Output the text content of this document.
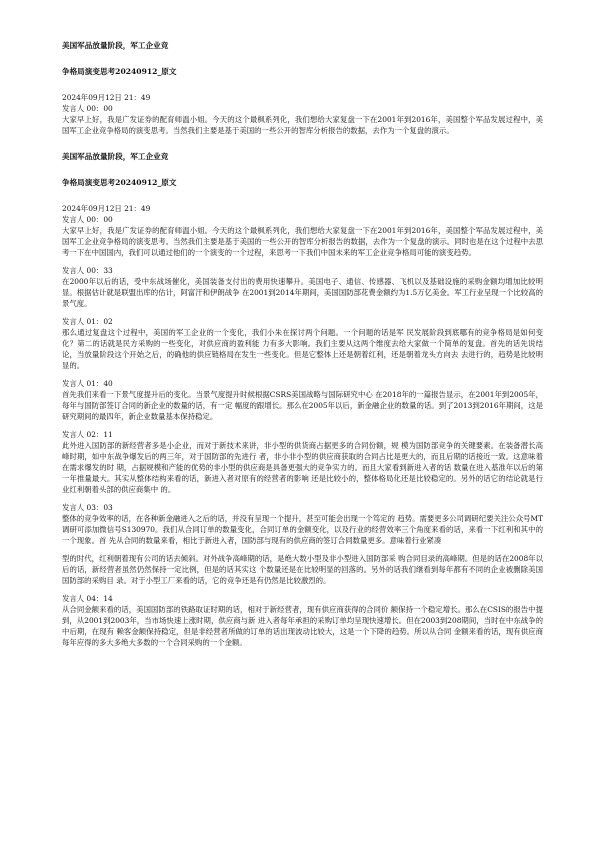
美国军品放量阶段，军工企业竞

争格局演变思考20240912_原文

2024年09月12日 21：49

发言人 00：00

大家早上好，我是广发证券的配育师温小姐。今天的这个最枫系列化，我们想给大家复盘一下在2001年到2016年，美国整个军品发展过程中，美国军工企业竞争格局的演变思考。当然我们主要是基于美国的一些公开的智库分析报告的数据，去作为一个复盘的演示。

美国军品放量阶段，军工企业竞

争格局演变思考20240912_原文

2024年09月12日 21：49

发言人 00：00

大家早上好，我是广发证券的配育师温小姐。今天的这个最枫系列化，我们想给大家复盘一下在2001年到2016年，美国整个军品发展过程中，美国军工企业竞争格局的演变思考。当然我们主要是基于美国的一些公开的智库分析报告的数据，去作为一个复盘的演示。同时也是在这个过程中去思考一下在中国国内，我们可以通过他们的一个演变的一个过程，来思考一下我们中国未来的军工企业竞争格局可能的演变趋势。

发言人 00：33

在2000年以后的话，受中东战场催化，美国装备支付出的费用快速攀升。美国电子、通信、传感器、飞机以及基础设施的采购金额均增加比较明显。根据估计就是联盟出库的估计，阿富汗和伊朗战争 在2001到2014年期间，美国国防部花费金额约为1.5万亿美金。军工行业呈现一个比较高的景气度。

发言人 01：02

那么通过复盘这个过程中，美国的军工企业的一个变化，我们小朱在探讨两个问题。一个问题的话是军 民发展阶段到底哪有的竞争格局是如何变化？第二的话就是民方采购的一些变化，对供应商的盈利能 力有多大影响。我们主要从这两个维度去给大家做一个简单的复盘。首先的话先说结论，当放量阶段这个开始之后，的确他的供应链格局在发生一些变化。但是它整体上还是朝着红利，还是朝着龙头方向去 去进行的，趋势是比较明显的。

发言人 01：40

首先我们来看一下景气度提升后的变化。当景气度提升时候根据CSRS美国战略与国际研究中心 在2018年的一篇报告显示，在2001年到2005年，每年与国防部签订合同的新企业的数量的话，有一定 幅度的跟增长。那么在2005年以后，新金融企业的数量的话。到了2013到2016年期间，这是 研究期间的最四年，新企业数量基本保持稳定。

发言人 02：11

此外进入国防部的新经营者多是小企业，而对于新技术来讲，非小型的供货商占据更多的合同份额，规 模为国防部竞争的关键要素。在装备潜长高峰时期，如中东战争爆发后的两三年，对于国防部的先进行 者，非小非小型的供应商获取的合同占比是更大的，而且后期的话接近一致。这意味着在需求爆发的时 期，占据规模和产能的优势的非小型的供应商是具备更强大的竞争实力的。而且大家看到新进入者的话 数量在进入基准年以后的第一年推量最大。其实从整体结构来看的话，新进入者对原有的经营者的影响 还是比较小的，整体格局化还是比较稳定的。另外的话它的结论就是行业红利朝着头部的供应商集中 的。

发言人 03：03

整体的竞争效率的话，在各种新金融进入之后的话，并没有呈现一个提升，甚至可能会出现一个笃定的 趋势。需要更多公司调研纪要关注公众号MT调研可添加微信号S130970。我们从合同订单的数量变化，合同订单的金额变化，以及行业的经营效率三个角度来看的话，来看一下红利和其中的一个现象。首 先从合同的数量来看，相比于新进入者，国防部与现有的供应商的签订合同数量更多。意味着行业紧凑

型的时代，红利朝着现有公司的话去倾斜。对外战争高峰期的话，是绝大数小型及非小型进入国防部采 购合同目录的高峰期。但是的话在2008年以后的话，新经营者虽然仍然保持一定比例，但是的话其实这 个数量还是在比较明显的回落的。另外的话我们继看到每年都有不同的企业被删除美国国防部的采购目 录。对于小型工厂来看的话，它的竞争还是有仍然是比较激烈的。

发言人 04：14

从合同金额来看的话，美国国防部的铁路取证时期的话，相对于新经营者，现有供应商获得的合同价 额保持一个稳定增长。那么在CSIS的报告中提到，从2001到2003年，当市场快速上涨时期，供应商与新 进入者每年承担的采购订单均呈现快速增长。但在2003到208期间，当时在中东战争的中后期，在现有 赖客金额保持稳定，但是非经营者所做的订单的话出现波动比较大，这是一个下降的趋势。所以从合同 金额来看的话，现有供应商每年应得的多大多绝大多数的一个合同采购的一个金额。
